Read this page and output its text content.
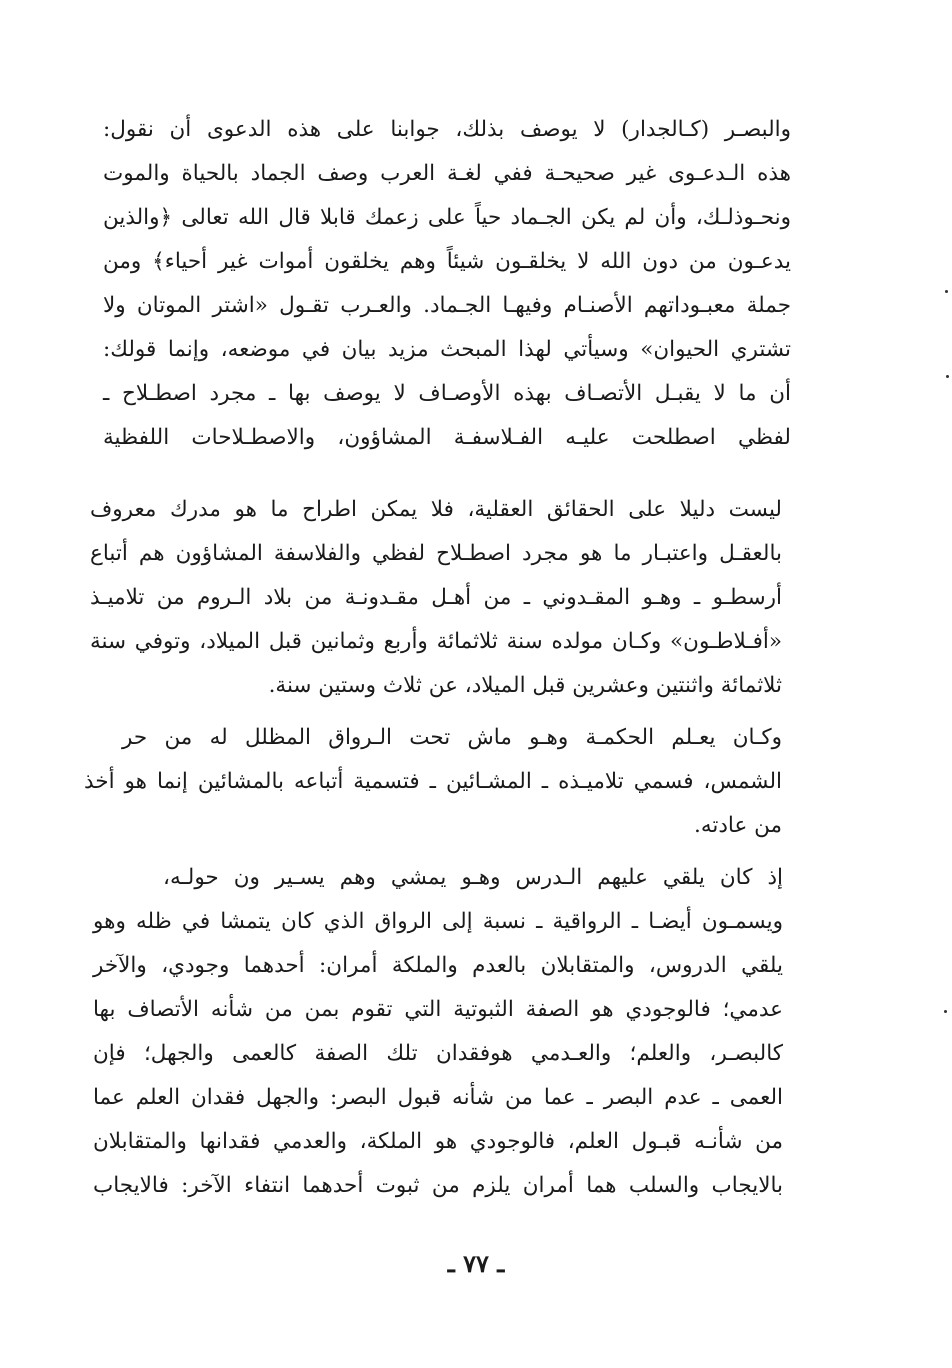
والبصـر (كـالجدار) لا يوصف بذلك، جوابنا على هذه الدعوى أن نقول:
هذه الـدعـوى غير صحيحـة ففي لغـة العرب وصف الجماد بالحياة والموت
ونحـوذلـك، وأن لم يكن الجـماد حياً على زعمك قابلا قال الله تعالى ﴿والذين
يدعـون من دون الله لا يخلقـون شيئاً وهم يخلقون أموات غير أحياء﴾ ومن
جملة معبـوداتهم الأصنـام وفيهـا الجـماد. والعـرب تقـول «اشتر الموتان ولا
تشتري الحيوان» وسيأتي لهذا المبحث مزيد بيان في موضعه، وإنما قولك:
أن ما لا يقبـل الأتصـاف بهذه الأوصـاف لا يوصف بها ـ مجرد اصطـلاح ـ
لفظي اصطلحت عليـه الفـلاسفـة المشاؤون، والاصطـلاحات اللفظية
ليست دليلا على الحقائق العقلية، فلا يمكن اطراح ما هو مدرك معروف
بالعقـل واعتبـار ما هو مجرد اصطـلاح لفظي والفلاسفة المشاؤون هم أتباع
أرسطـو ـ وهـو المقـدوني ـ من أهـل مقـدونـة من بلاد الـروم من تلاميـذ
«أفـلاطـون» وكـان مولده سنة ثلاثمائة وأربع وثمانين قبل الميلاد، وتوفي سنة
ثلاثمائة واثنتين وعشرين قبل الميلاد، عن ثلاث وستين سنة.
وكـان يعـلم الحكمـة وهـو ماش تحت الـرواق المظلل له من حر
الشمس، فسمي تلاميـذه ـ المشـائين ـ فتسمية أتباعه بالمشائين إنما هو أخذ
من عادته.
إذ كان يلقي عليهم الـدرس وهـو يمشي وهم يسـير ون حولـه،
ويسمـون أيضـا ـ الرواقية ـ نسبة إلى الرواق الذي كان يتمشا في ظله وهو
يلقي الدروس، والمتقابلان بالعدم والملكة أمران: أحدهما وجودي، والآخر
عدمي؛ فالوجودي هو الصفة الثبوتية التي تقوم بمن من شأنه الأتصاف بها
كالبصـر، والعلم؛ والعـدمي هوفقدان تلك الصفة كالعمى والجهل؛ فإن
العمى ـ عدم البصر ـ عما من شأنه قبول البصر: والجهل فقدان العلم عما
من شأنـه قبـول العلم، فالوجودي هو الملكة، والعدمي فقدانها والمتقابلان
بالايجاب والسلب هما أمران يلزم من ثبوت أحدهما انتفاء الآخر: فالايجاب
ـ ٧٧ ـ
